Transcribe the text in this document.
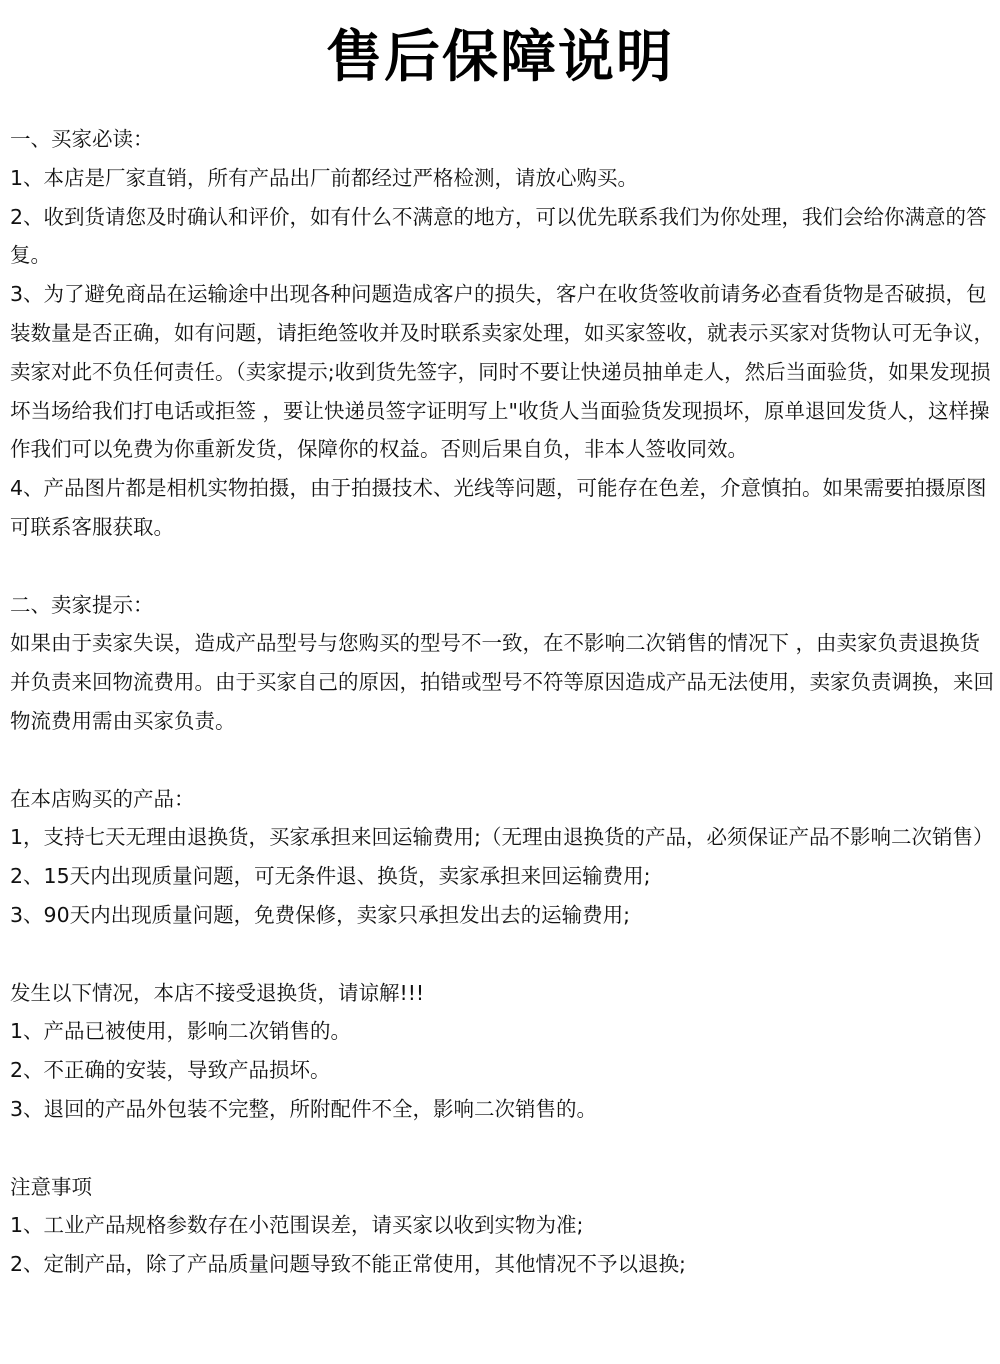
售后保障说明

一、买家必读：

1、本店是厂家直销，所有产品出厂前都经过严格检测，请放心购买。

2、收到货请您及时确认和评价，如有什么不满意的地方，可以优先联系我们为你处理，我们会给你满意的答复。

3、为了避免商品在运输途中出现各种问题造成客户的损失，客户在收货签收前请务必查看货物是否破损，包装数量是否正确，如有问题，请拒绝签收并及时联系卖家处理，如买家签收，就表示买家对货物认可无争议，卖家对此不负任何责任。（卖家提示;收到货先签字，同时不要让快递员抽单走人，然后当面验货，如果发现损坏当场给我们打电话或拒签 ，要让快递员签字证明写上"收货人当面验货发现损坏，原单退回发货人，这样操作我们可以免费为你重新发货，保障你的权益。否则后果自负，非本人签收同效。

4、产品图片都是相机实物拍摄，由于拍摄技术、光线等问题，可能存在色差，介意慎拍。如果需要拍摄原图可联系客服获取。

二、卖家提示：

如果由于卖家失误，造成产品型号与您购买的型号不一致，在不影响二次销售的情况下 ，由卖家负责退换货并负责来回物流费用。由于买家自己的原因，拍错或型号不符等原因造成产品无法使用，卖家负责调换，来回物流费用需由买家负责。

在本店购买的产品：

1，支持七天无理由退换货，买家承担来回运输费用;（无理由退换货的产品，必须保证产品不影响二次销售）

2、15天内出现质量问题，可无条件退、换货，卖家承担来回运输费用;

3、90天内出现质量问题，免费保修，卖家只承担发出去的运输费用;

发生以下情况，本店不接受退换货，请谅解!!!

1、产品已被使用，影响二次销售的。

2、不正确的安装，导致产品损坏。

3、退回的产品外包装不完整，所附配件不全，影响二次销售的。

注意事项

1、工业产品规格参数存在小范围误差，请买家以收到实物为准;

2、定制产品，除了产品质量问题导致不能正常使用，其他情况不予以退换;
